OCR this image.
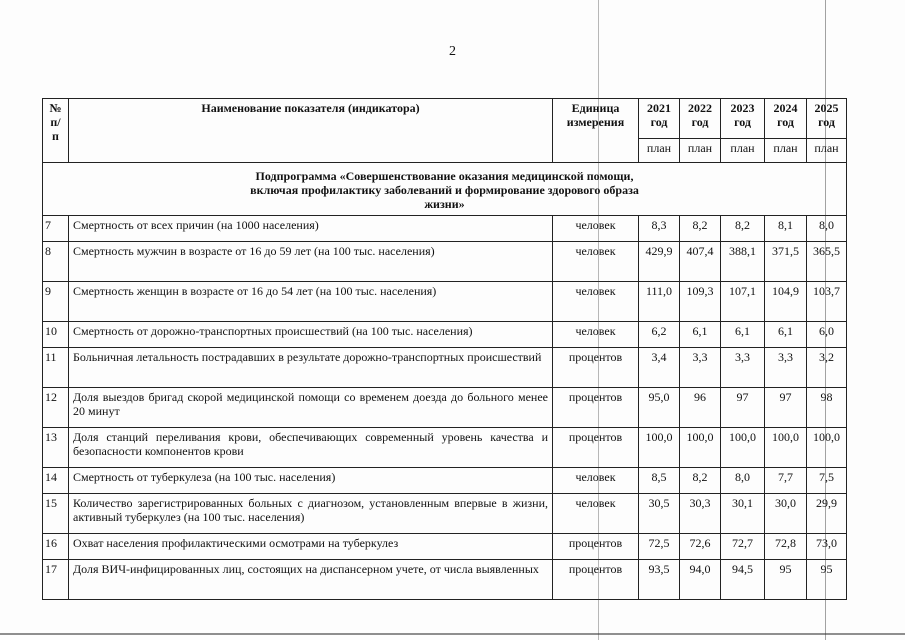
2
№ п/п	Наименование показателя (индикатора)	Единица измерения	2021 год	2022 год	2023 год	2024 год	2025 год
			план	план	план	план	план
Подпрограмма «Совершенствование оказания медицинской помощи, включая профилактику заболеваний и формирование здорового образа жизни»							
7	Смертность от всех причин (на 1000 населения)	человек	8,3	8,2	8,2	8,1	8,0
8	Смертность мужчин в возрасте от 16 до 59 лет (на 100 тыс. населения)	человек	429,9	407,4	388,1	371,5	365,5
9	Смертность женщин в возрасте от 16 до 54 лет (на 100 тыс. населения)	человек	111,0	109,3	107,1	104,9	103,7
10	Смертность от дорожно-транспортных происшествий (на 100 тыс. населения)	человек	6,2	6,1	6,1	6,1	6,0
11	Больничная летальность пострадавших в результате дорожно-транспортных происшествий	процентов	3,4	3,3	3,3	3,3	3,2
12	Доля выездов бригад скорой медицинской помощи со временем доезда до больного менее 20 минут	процентов	95,0	96	97	97	98
13	Доля станций переливания крови, обеспечивающих современный уровень качества и безопасности компонентов крови	процентов	100,0	100,0	100,0	100,0	100,0
14	Смертность от туберкулеза (на 100 тыс. населения)	человек	8,5	8,2	8,0	7,7	7,5
15	Количество зарегистрированных больных с диагнозом, установленным впервые в жизни, активный туберкулез (на 100 тыс. населения)	человек	30,5	30,3	30,1	30,0	29,9
16	Охват населения профилактическими осмотрами на туберкулез	процентов	72,5	72,6	72,7	72,8	73,0
17	Доля ВИЧ-инфицированных лиц, состоящих на диспансерном учете, от числа выявленных	процентов	93,5	94,0	94,5	95	95
